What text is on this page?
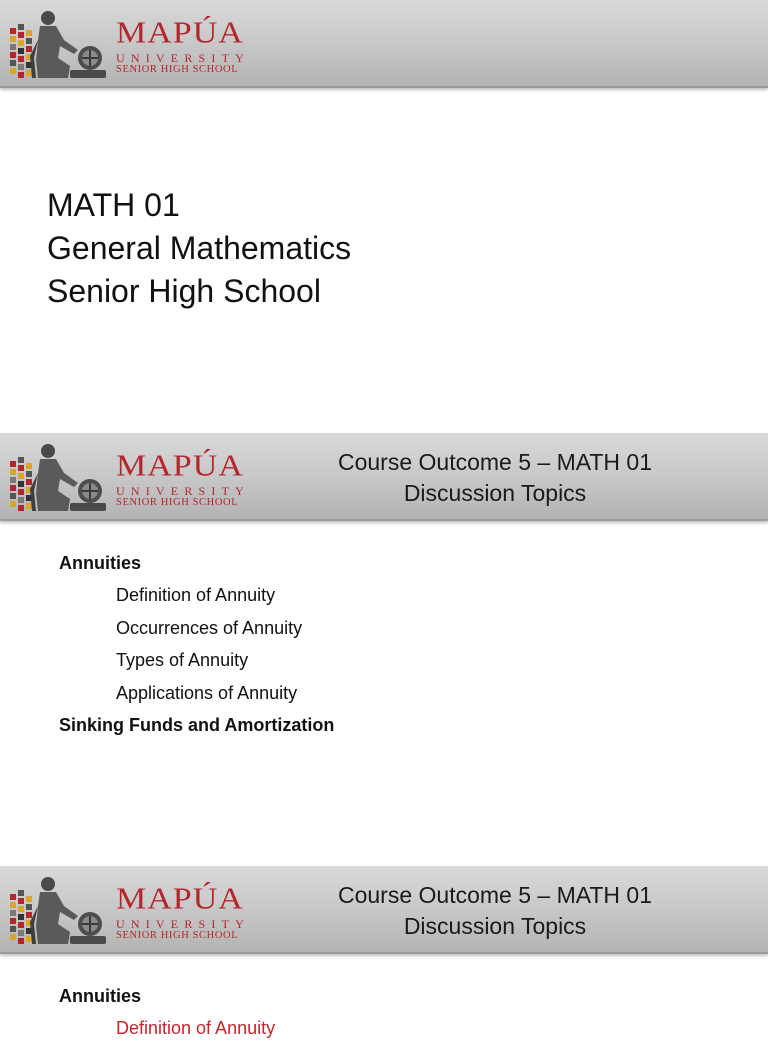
MAPÚA
UNIVERSITY
SENIOR HIGH SCHOOL
MATH 01
General Mathematics
Senior High School
MAPÚA
UNIVERSITY
SENIOR HIGH SCHOOL
Course Outcome 5 – MATH 01
Discussion Topics
Annuities
Definition of Annuity
Occurrences of Annuity
Types of Annuity
Applications of Annuity
Sinking Funds and Amortization
MAPÚA
UNIVERSITY
SENIOR HIGH SCHOOL
Course Outcome 5 – MATH 01
Discussion Topics
Annuities
Definition of Annuity
